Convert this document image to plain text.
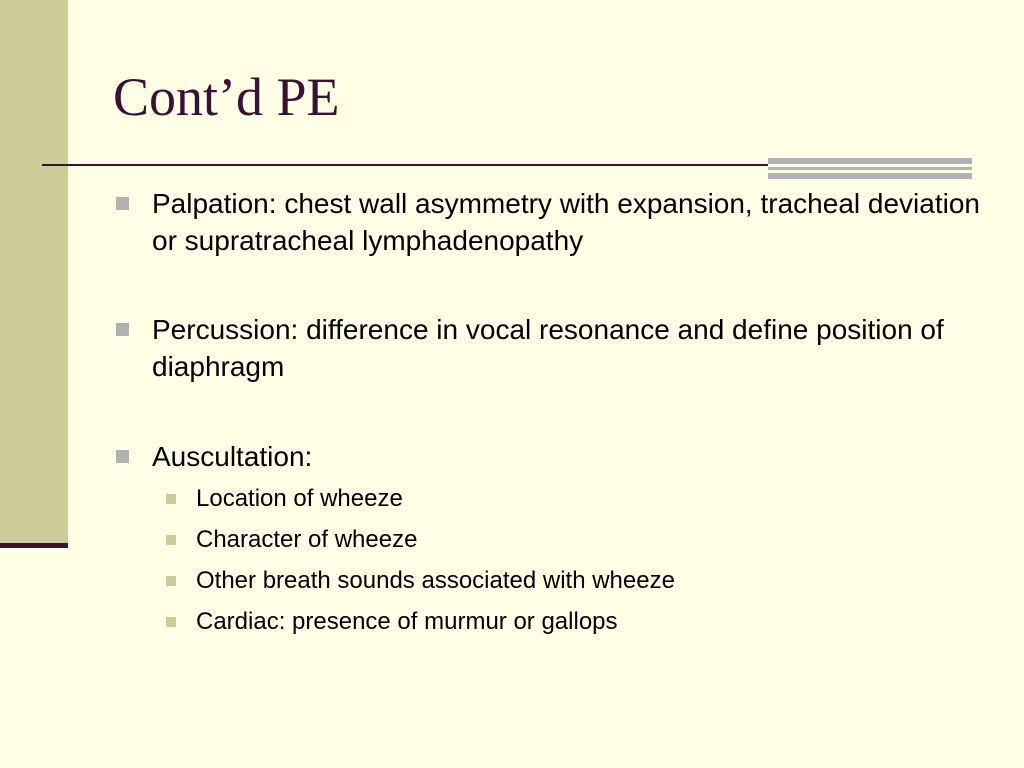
Cont’d PE
Palpation: chest wall asymmetry with expansion, tracheal deviation or supratracheal lymphadenopathy
Percussion: difference in vocal resonance and define position of diaphragm
Auscultation:
Location of wheeze
Character of wheeze
Other breath sounds associated with wheeze
Cardiac: presence of murmur or gallops
